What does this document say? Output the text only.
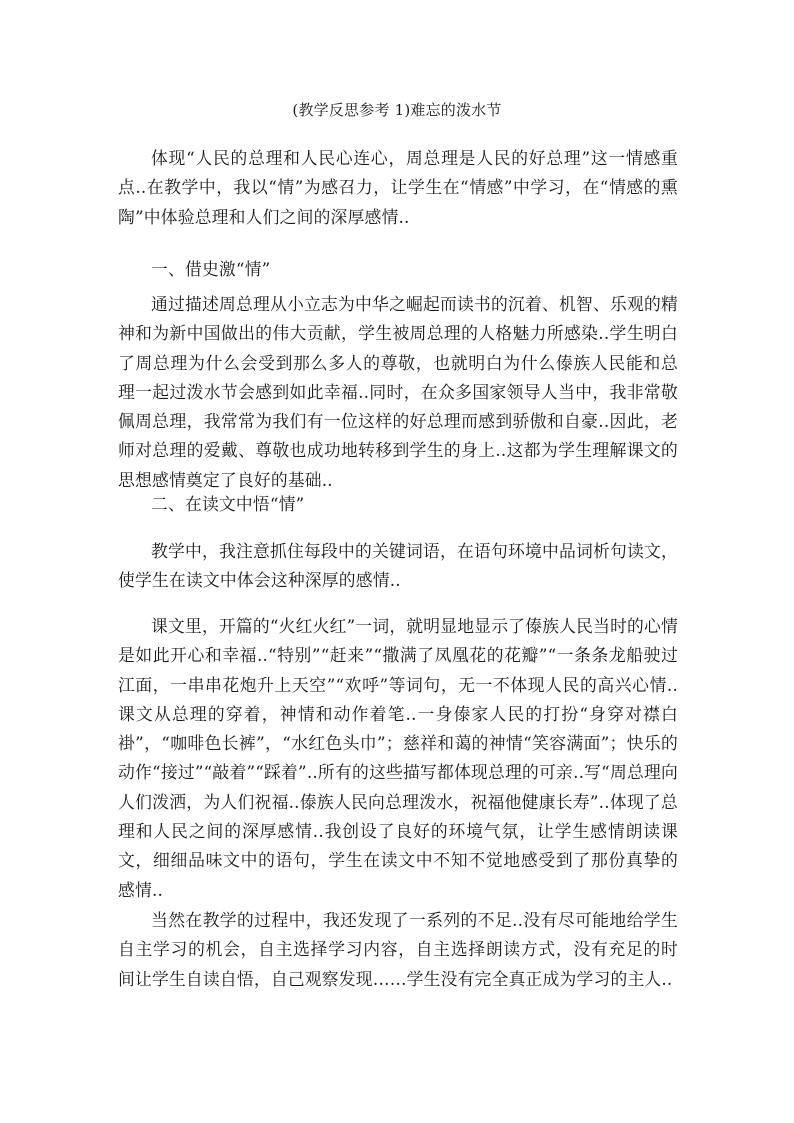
(教学反思参考 1)难忘的泼水节

体现“人民的总理和人民心连心，周总理是人民的好总理”这一情感重点..在教学中，我以“情”为感召力，让学生在“情感”中学习，在“情感的熏陶”中体验总理和人们之间的深厚感情..

一、借史激“情”

通过描述周总理从小立志为中华之崛起而读书的沉着、机智、乐观的精神和为新中国做出的伟大贡献，学生被周总理的人格魅力所感染..学生明白了周总理为什么会受到那么多人的尊敬，也就明白为什么傣族人民能和总理一起过泼水节会感到如此幸福..同时，在众多国家领导人当中，我非常敬佩周总理，我常常为我们有一位这样的好总理而感到骄傲和自豪..因此，老师对总理的爱戴、尊敬也成功地转移到学生的身上..这都为学生理解课文的思想感情奠定了良好的基础..

二、在读文中悟“情”

教学中，我注意抓住每段中的关键词语，在语句环境中品词析句读文，使学生在读文中体会这种深厚的感情..

课文里，开篇的“火红火红”一词，就明显地显示了傣族人民当时的心情是如此开心和幸福..“特别”“赶来”“撒满了凤凰花的花瓣”“一条条龙船驶过江面，一串串花炮升上天空”“欢呼”等词句，无一不体现人民的高兴心情..课文从总理的穿着，神情和动作着笔..一身傣家人民的打扮“身穿对襟白褂”，“咖啡色长裤”，“水红色头巾”；慈祥和蔼的神情“笑容满面”；快乐的动作“接过”“敲着”“踩着”..所有的这些描写都体现总理的可亲..写“周总理向人们泼洒，为人们祝福..傣族人民向总理泼水，祝福他健康长寿”..体现了总理和人民之间的深厚感情..我创设了良好的环境气氛，让学生感情朗读课文，细细品味文中的语句，学生在读文中不知不觉地感受到了那份真挚的感情..

当然在教学的过程中，我还发现了一系列的不足..没有尽可能地给学生自主学习的机会，自主选择学习内容，自主选择朗读方式，没有充足的时间让学生自读自悟，自己观察发现……学生没有完全真正成为学习的主人..
